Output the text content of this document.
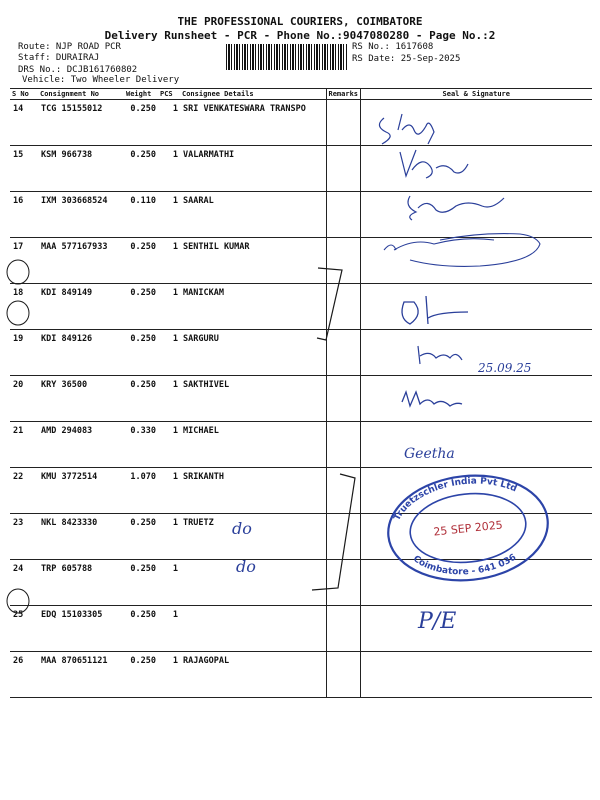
THE PROFESSIONAL COURIERS, COIMBATORE
Delivery Runsheet - PCR - Phone No.:9047080280 - Page No.:2
Route: NJP ROAD PCR
Staff: DURAIRAJ
DRS No.: DCJB161760802
Vehicle: Two Wheeler Delivery
RS No.: 1617608
RS Date: 25-Sep-2025
S No	Consignment No	Weight	PCS	Consignee Details	Remarks	Seal & Signature
14	TCG 15155012	0.250	1	SRI VENKATESWARA TRANSPO		
15	KSM 966738	0.250	1	VALARMATHI		
16	IXM 303668524	0.110	1	SAARAL		
17	MAA 577167933	0.250	1	SENTHIL KUMAR		
18	KDI 849149	0.250	1	MANICKAM		
19	KDI 849126	0.250	1	SARGURU		
20	KRY 36500	0.250	1	SAKTHIVEL		
21	AMD 294083	0.330	1	MICHAEL		
22	KMU 3772514	1.070	1	SRIKANTH		
23	NKL 8423330	0.250	1	TRUETZ		
24	TRP 605788	0.250	1			
25	EDQ 15103305	0.250	1			
26	MAA 870651121	0.250	1	RAJAGOPAL		
25.09.25
Geetha
do
do
P/E
Truetzschler India Pvt Ltd
Coimbatore - 641 036
25 SEP 2025
